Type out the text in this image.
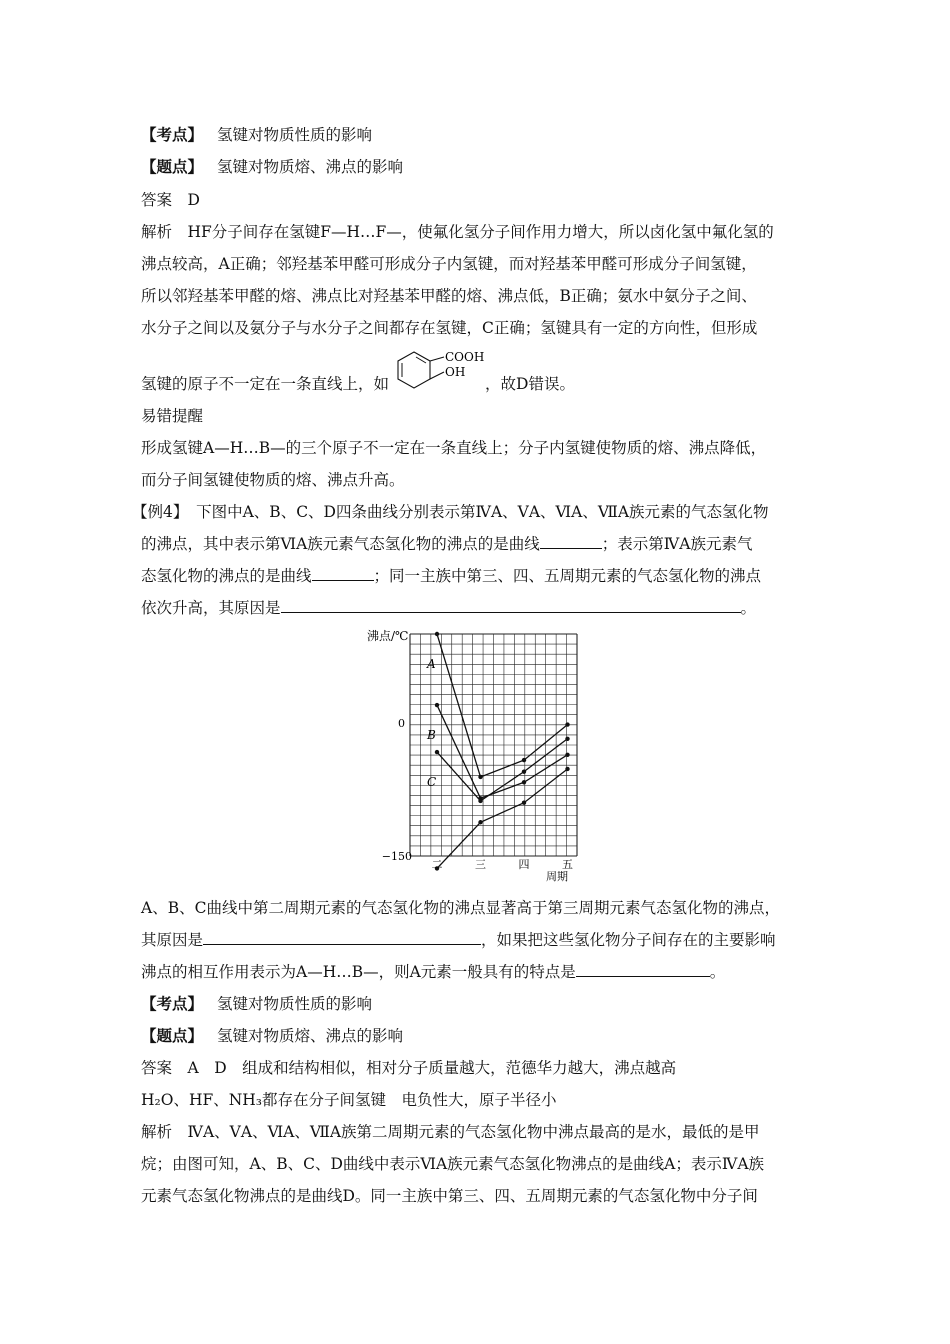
【考点】 氢键对物质性质的影响
【题点】 氢键对物质熔、沸点的影响
答案　D
解析　HF分子间存在氢键F—H…F—，使氟化氢分子间作用力增大，所以卤化氢中氟化氢的
沸点较高，A正确；邻羟基苯甲醛可形成分子内氢键，而对羟基苯甲醛可形成分子间氢键，
所以邻羟基苯甲醛的熔、沸点比对羟基苯甲醛的熔、沸点低，B正确；氨水中氨分子之间、
水分子之间以及氨分子与水分子之间都存在氢键，C正确；氢键具有一定的方向性，但形成
氢键的原子不一定在一条直线上，如	，故D错误。
COOH
OH
易错提醒
形成氢键A—H…B—的三个原子不一定在一条直线上；分子内氢键使物质的熔、沸点降低，
而分子间氢键使物质的熔、沸点升高。
【例4】　下图中A、B、C、D四条曲线分别表示第ⅣA、ⅤA、ⅥA、ⅦA族元素的气态氢化物
的沸点，其中表示第ⅥA族元素气态氢化物的沸点的是曲线	；表示第ⅣA族元素气
态氢化物的沸点的是曲线	；同一主族中第三、四、五周期元素的气态氢化物的沸点
依次升高，其原因是	。
A
B
C
沸点/℃
0
−150
二	三	四	五
周期
A、B、C曲线中第二周期元素的气态氢化物的沸点显著高于第三周期元素气态氢化物的沸点，
其原因是	，如果把这些氢化物分子间存在的主要影响
沸点的相互作用表示为A—H…B—，则A元素一般具有的特点是	。
【考点】 氢键对物质性质的影响
【题点】 氢键对物质熔、沸点的影响
答案　A　D　组成和结构相似，相对分子质量越大，范德华力越大，沸点越高
H₂O、HF、NH₃都存在分子间氢键　电负性大，原子半径小
解析　ⅣA、ⅤA、ⅥA、ⅦA族第二周期元素的气态氢化物中沸点最高的是水，最低的是甲
烷；由图可知，A、B、C、D曲线中表示ⅥA族元素气态氢化物沸点的是曲线A；表示ⅣA族
元素气态氢化物沸点的是曲线D。同一主族中第三、四、五周期元素的气态氢化物中分子间
